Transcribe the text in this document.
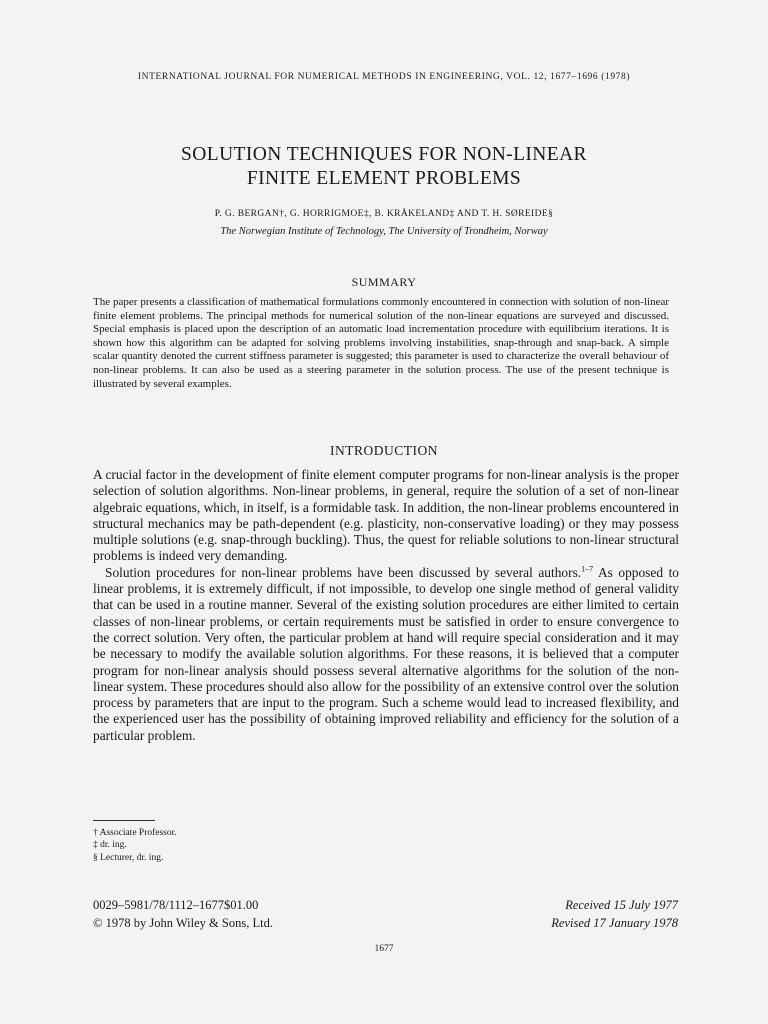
INTERNATIONAL JOURNAL FOR NUMERICAL METHODS IN ENGINEERING, VOL. 12, 1677–1696 (1978)
SOLUTION TECHNIQUES FOR NON-LINEAR
FINITE ELEMENT PROBLEMS
P. G. BERGAN†, G. HORRIGMOE‡, B. KRÅKELAND‡ AND T. H. SØREIDE§
The Norwegian Institute of Technology, The University of Trondheim, Norway
SUMMARY
The paper presents a classification of mathematical formulations commonly encountered in connection with solution of non-linear finite element problems. The principal methods for numerical solution of the non-linear equations are surveyed and discussed. Special emphasis is placed upon the description of an automatic load incrementation procedure with equilibrium iterations. It is shown how this algorithm can be adapted for solving problems involving instabilities, snap-through and snap-back. A simple scalar quantity denoted the current stiffness parameter is suggested; this parameter is used to characterize the overall behaviour of non-linear problems. It can also be used as a steering parameter in the solution process. The use of the present technique is illustrated by several examples.
INTRODUCTION

A crucial factor in the development of finite element computer programs for non-linear analysis is the proper selection of solution algorithms. Non-linear problems, in general, require the solution of a set of non-linear algebraic equations, which, in itself, is a formidable task. In addition, the non-linear problems encountered in structural mechanics may be path-dependent (e.g. plasticity, non-conservative loading) or they may possess multiple solutions (e.g. snap-through buckling). Thus, the quest for reliable solutions to non-linear structural problems is indeed very demanding.

Solution procedures for non-linear problems have been discussed by several authors.$^{1-7}$ As opposed to linear problems, it is extremely difficult, if not impossible, to develop one single method of general validity that can be used in a routine manner. Several of the existing solution procedures are either limited to certain classes of non-linear problems, or certain requirements must be satisfied in order to ensure convergence to the correct solution. Very often, the particular problem at hand will require special consideration and it may be necessary to modify the available solution algorithms. For these reasons, it is believed that a computer program for non-linear analysis should possess several alternative algorithms for the solution of the non-linear system. These procedures should also allow for the possibility of an extensive control over the solution process by parameters that are input to the program. Such a scheme would lead to increased flexibility, and the experienced user has the possibility of obtaining improved reliability and efficiency for the solution of a particular problem.

† Associate Professor.
‡ dr. ing.
§ Lecturer, dr. ing.
0029–5981/78/1112–1677$01.00
© 1978 by John Wiley & Sons, Ltd.
Received 15 July 1977
Revised 17 January 1978
1677
